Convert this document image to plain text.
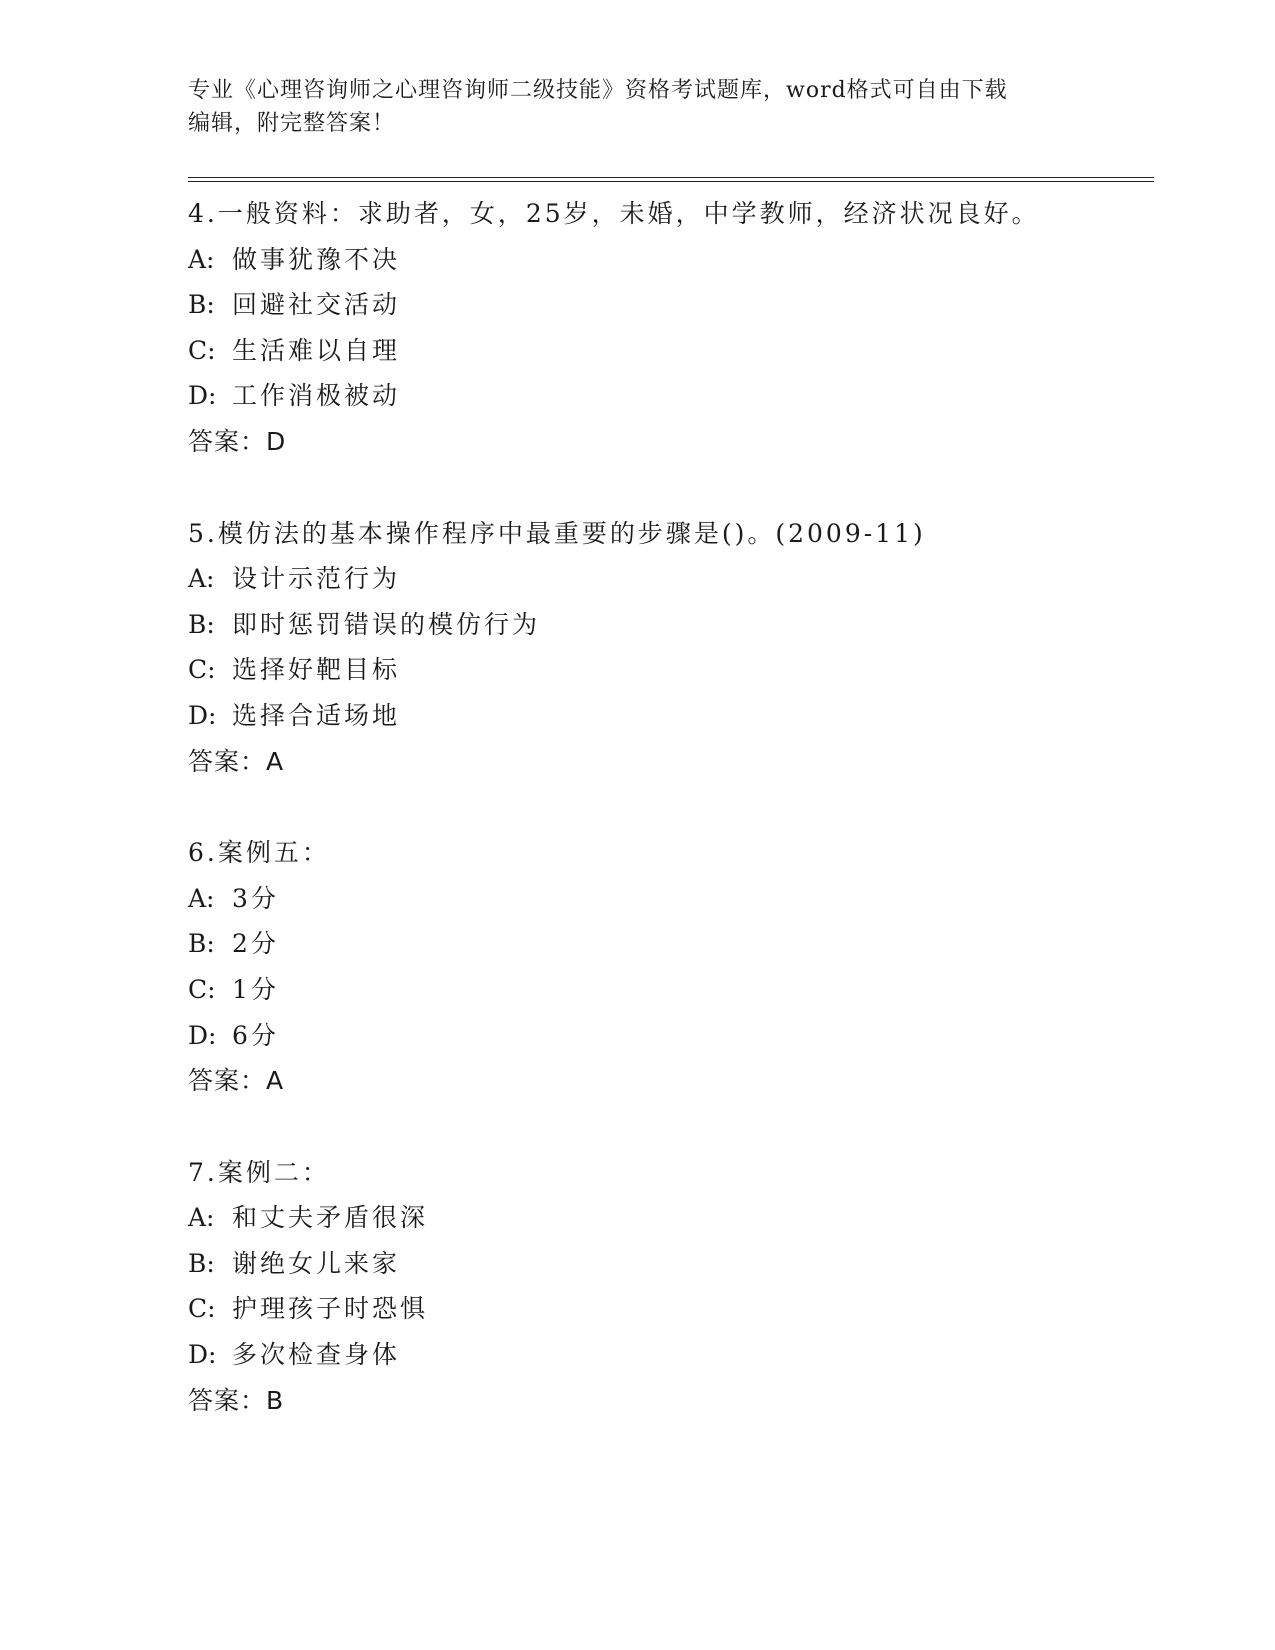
专业《心理咨询师之心理咨询师二级技能》资格考试题库，word格式可自由下载
编辑，附完整答案！
4.一般资料：求助者，女，25岁，未婚，中学教师，经济状况良好。
A: 做事犹豫不决
B: 回避社交活动
C: 生活难以自理
D: 工作消极被动
答案：D
5.模仿法的基本操作程序中最重要的步骤是()。(2009-11)
A: 设计示范行为
B: 即时惩罚错误的模仿行为
C: 选择好靶目标
D: 选择合适场地
答案：A
6.案例五：
A: 3分
B: 2分
C: 1分
D: 6分
答案：A
7.案例二：
A: 和丈夫矛盾很深
B: 谢绝女儿来家
C: 护理孩子时恐惧
D: 多次检查身体
答案：B
